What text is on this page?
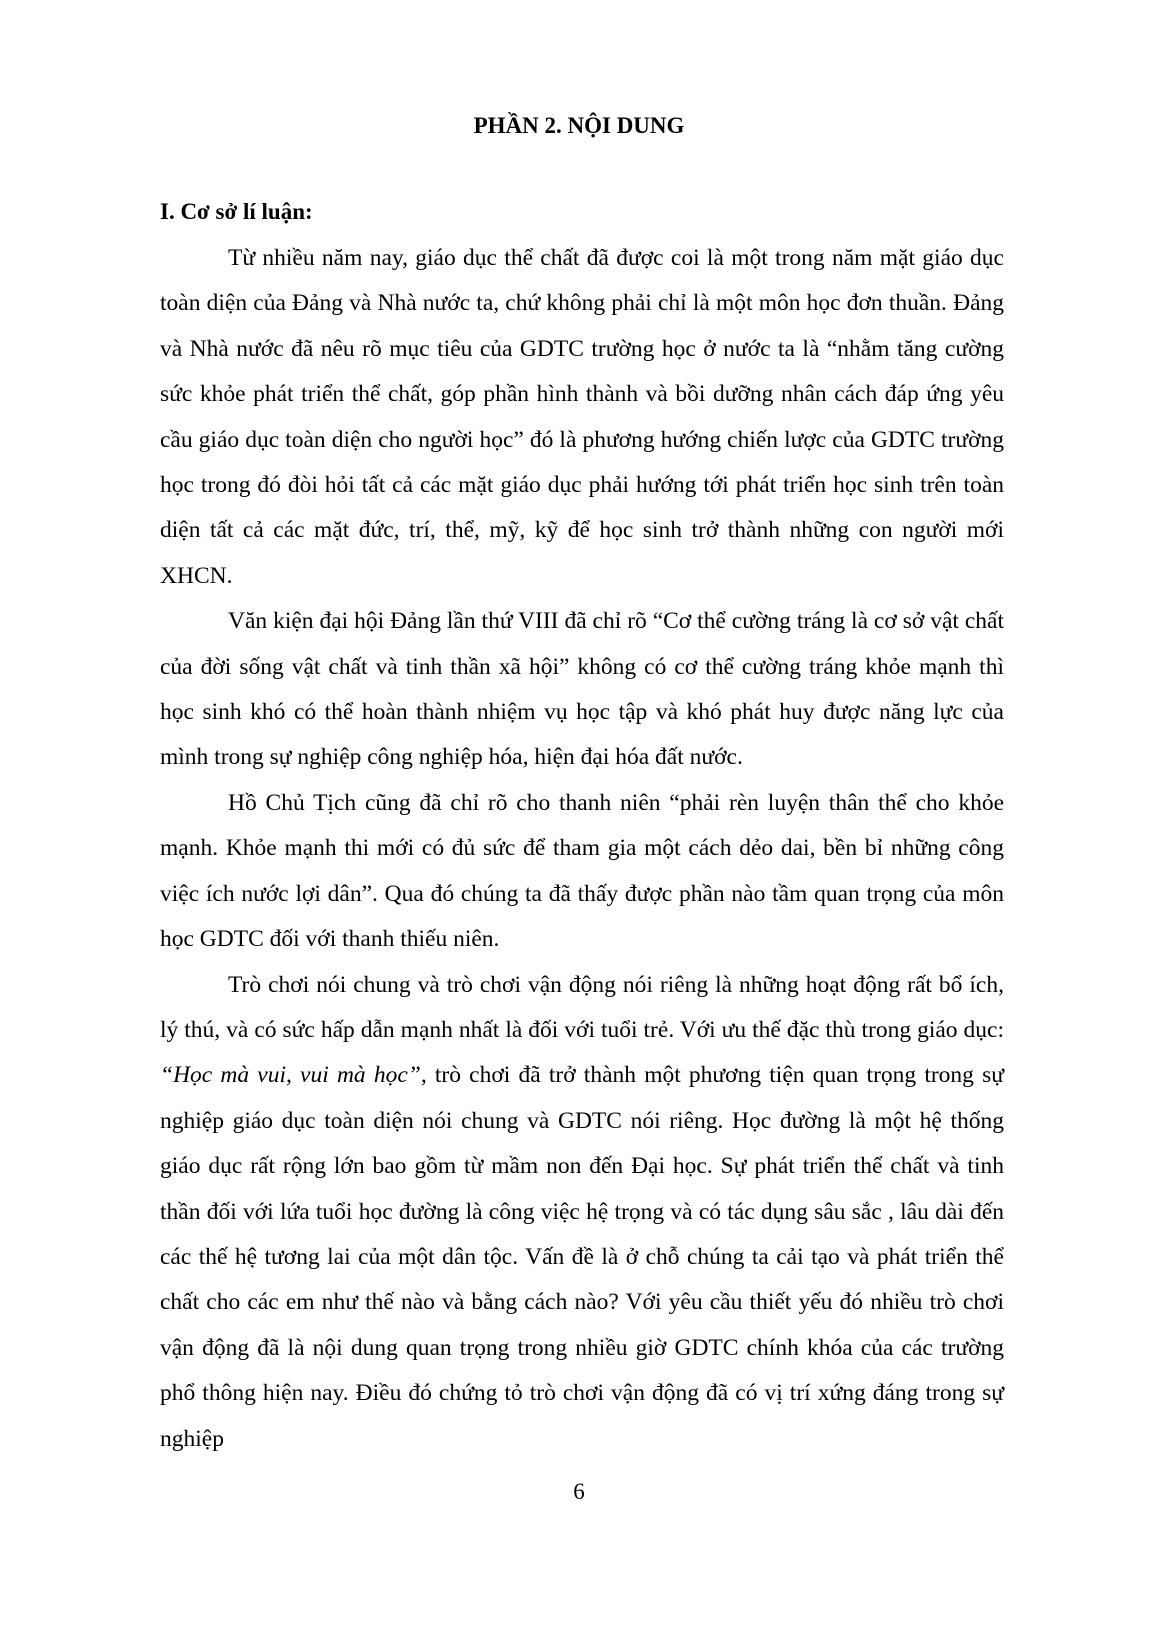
PHẦN 2. NỘI DUNG
I. Cơ sở lí luận:

Từ nhiều năm nay, giáo dục thể chất đã được coi là một trong năm mặt giáo dục toàn diện của Đảng và Nhà nước ta, chứ không phải chỉ là một môn học đơn thuần. Đảng và Nhà nước đã nêu rõ mục tiêu của GDTC trường học ở nước ta là “nhằm tăng cường sức khỏe phát triển thể chất, góp phần hình thành và bồi dưỡng nhân cách đáp ứng yêu cầu giáo dục toàn diện cho người học” đó là phương hướng chiến lược của GDTC trường học trong đó đòi hỏi tất cả các mặt giáo dục phải hướng tới phát triển học sinh trên toàn diện tất cả các mặt đức, trí, thể, mỹ, kỹ để học sinh trở thành những con người mới XHCN.

Văn kiện đại hội Đảng lần thứ VIII đã chỉ rõ “Cơ thể cường tráng là cơ sở vật chất của đời sống vật chất và tinh thần xã hội” không có cơ thể cường tráng khỏe mạnh thì học sinh khó có thể hoàn thành nhiệm vụ học tập và khó phát huy được năng lực của mình trong sự nghiệp công nghiệp hóa, hiện đại hóa đất nước.

Hồ Chủ Tịch cũng đã chỉ rõ cho thanh niên “phải rèn luyện thân thể cho khỏe mạnh. Khỏe mạnh thi mới có đủ sức để tham gia một cách dẻo dai, bền bỉ những công việc ích nước lợi dân”. Qua đó chúng ta đã thấy được phần nào tầm quan trọng của môn học GDTC đối với thanh thiếu niên.

Trò chơi nói chung và trò chơi vận động nói riêng là những hoạt động rất bổ ích, lý thú, và có sức hấp dẫn mạnh nhất là đối với tuổi trẻ. Với ưu thế đặc thù trong giáo dục: “Học mà vui, vui mà học”, trò chơi đã trở thành một phương tiện quan trọng trong sự nghiệp giáo dục toàn diện nói chung và GDTC nói riêng. Học đường là một hệ thống giáo dục rất rộng lớn bao gồm từ mầm non đến Đại học. Sự phát triển thể chất và tinh thần đối với lứa tuổi học đường là công việc hệ trọng và có tác dụng sâu sắc , lâu dài đến các thế hệ tương lai của một dân tộc. Vấn đề là ở chỗ chúng ta cải tạo và phát triển thể chất cho các em như thế nào và bằng cách nào? Với yêu cầu thiết yếu đó nhiều trò chơi vận động đã là nội dung quan trọng trong nhiều giờ GDTC chính khóa của các trường phổ thông hiện nay. Điều đó chứng tỏ trò chơi vận động đã có vị trí xứng đáng trong sự nghiệp

6
